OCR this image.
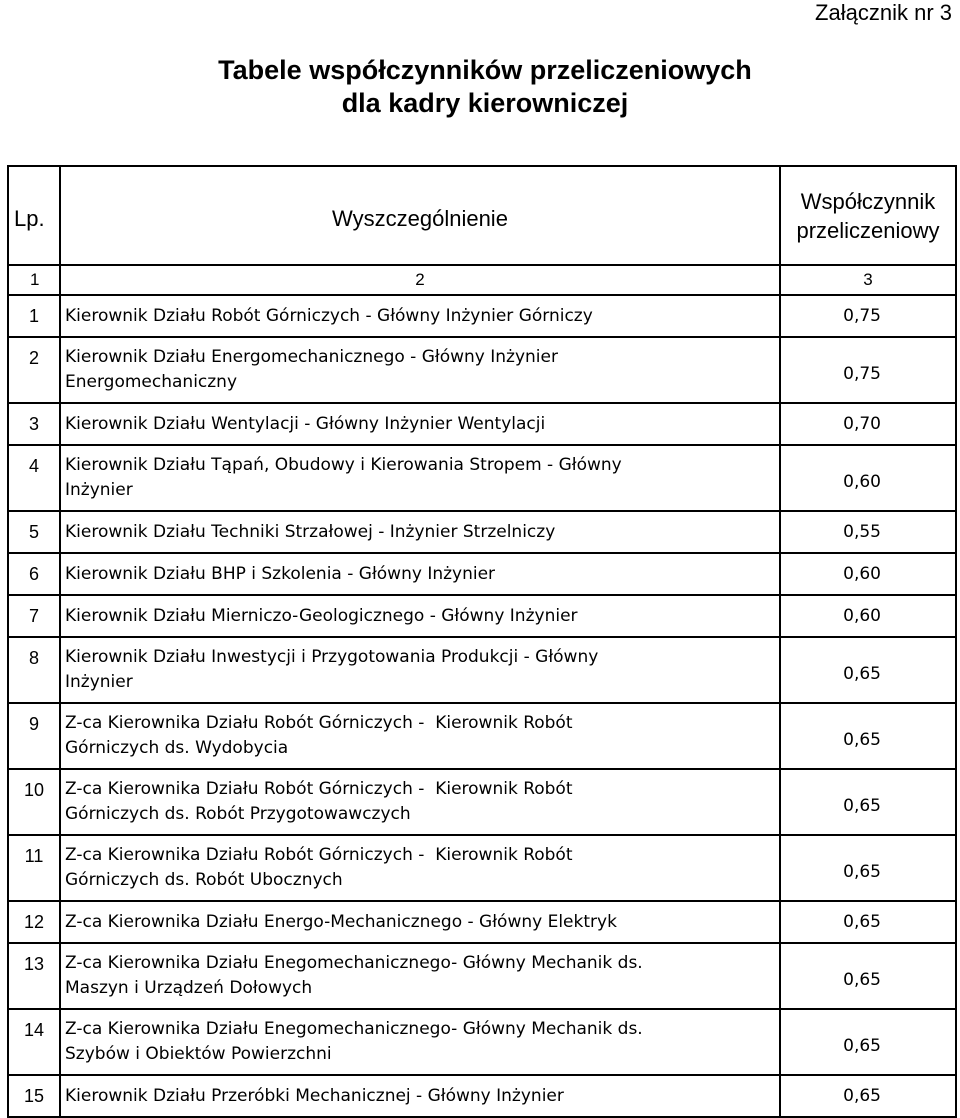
Załącznik nr 3
Tabele współczynników przeliczeniowych
dla kadry kierowniczej
Lp.	Wyszczególnienie	Współczynnik
przeliczeniowy

1	2	3
1	Kierownik Działu Robót Górniczych - Główny Inżynier Górniczy	0,75
2	Kierownik Działu Energomechanicznego - Główny Inżynier
Energomechaniczny	0,75
3	Kierownik Działu Wentylacji - Główny Inżynier Wentylacji	0,70
4	Kierownik Działu Tąpań, Obudowy i Kierowania Stropem - Główny
Inżynier	0,60
5	Kierownik Działu Techniki Strzałowej - Inżynier Strzelniczy	0,55
6	Kierownik Działu BHP i Szkolenia - Główny Inżynier	0,60
7	Kierownik Działu Mierniczo-Geologicznego - Główny Inżynier	0,60
8	Kierownik Działu Inwestycji i Przygotowania Produkcji - Główny
Inżynier	0,65
9	Z-ca Kierownika Działu Robót Górniczych -  Kierownik Robót
Górniczych ds. Wydobycia	0,65
10	Z-ca Kierownika Działu Robót Górniczych -  Kierownik Robót
Górniczych ds. Robót Przygotowawczych	0,65
11	Z-ca Kierownika Działu Robót Górniczych -  Kierownik Robót
Górniczych ds. Robót Ubocznych	0,65
12	Z-ca Kierownika Działu Energo-Mechanicznego - Główny Elektryk	0,65
13	Z-ca Kierownika Działu Enegomechanicznego- Główny Mechanik ds.
Maszyn i Urządzeń Dołowych	0,65
14	Z-ca Kierownika Działu Enegomechanicznego- Główny Mechanik ds.
Szybów i Obiektów Powierzchni	0,65
15	Kierownik Działu Przeróbki Mechanicznej - Główny Inżynier	0,65
